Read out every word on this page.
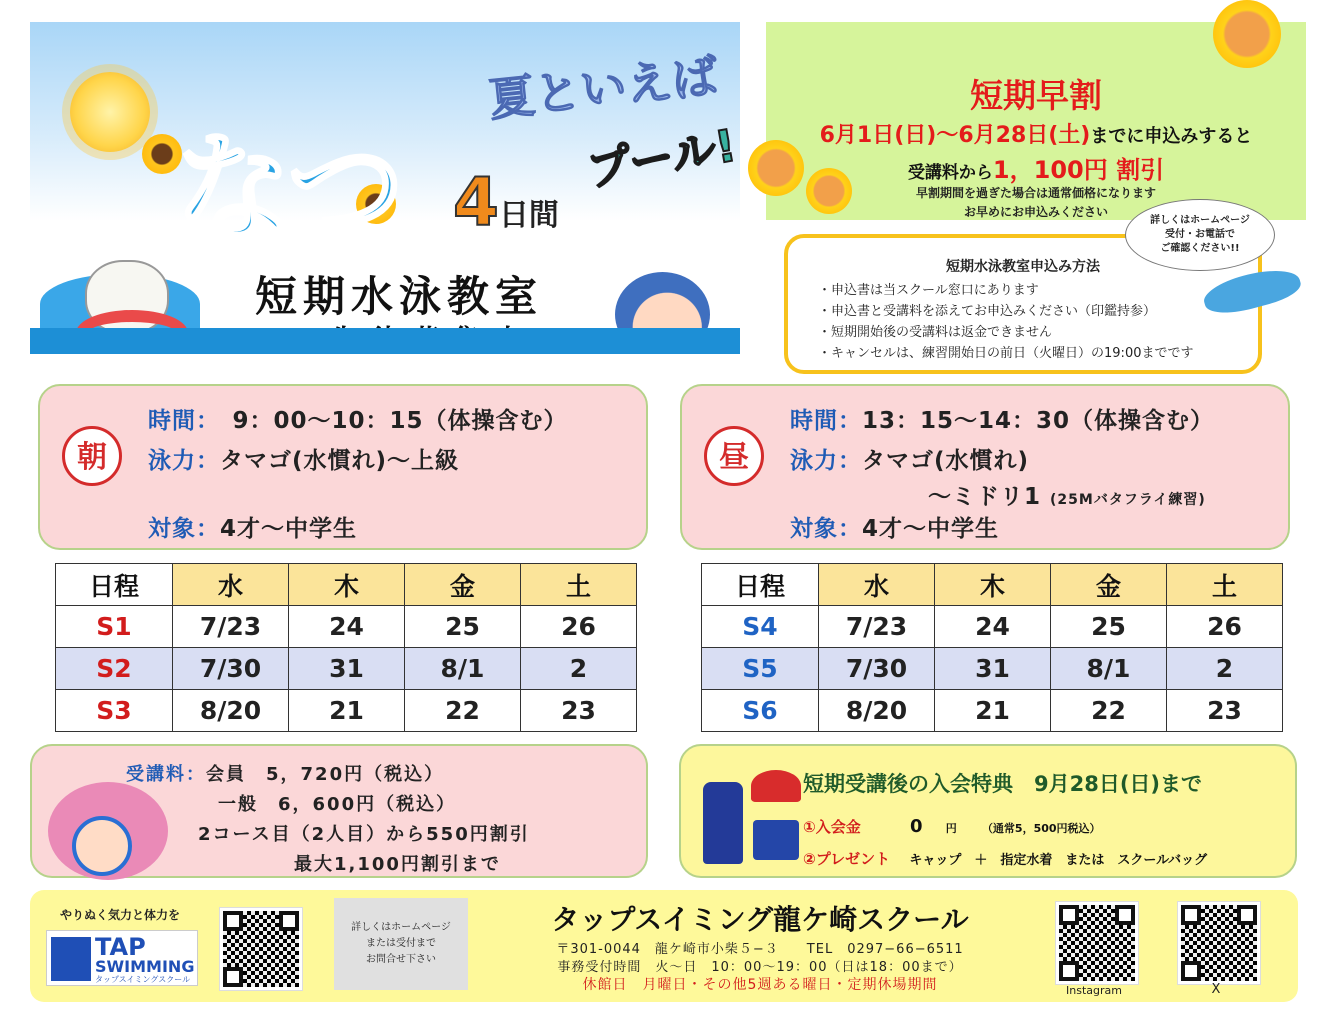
夏といえば
プール!
なつ 4日間
短期水泳教室
短期早割
6月1日(日)～6月28日(土)までに申込みすると
受講料から1，100円 割引
早割期間を過ぎた場合は通常価格になります
お早めにお申込みください
短期水泳教室申込み方法
・ 申込書は当スクール窓口にあります
・ 申込書と受講料を添えてお申込みください（印鑑持参）
・ 短期開始後の受講料は返金できません
・ キャンセルは、練習開始日の前日（火曜日）の19:00までです
詳しくはホームページ
受付・お電話で
ご確認ください!!
朝
時間：　9：00～10：15（体操含む）
泳力：タマゴ(水慣れ)～上級
対象：4才～中学生
昼
時間：13：15～14：30（体操含む）
泳力：タマゴ(水慣れ)
～ミドリ1 (25Mバタフライ練習)
対象：4才～中学生
日程	水	木	金	土
S1	7/23	24	25	26
S2	7/30	31	8/1	2
S3	8/20	21	22	23
日程	水	木	金	土
S4	7/23	24	25	26
S5	7/30	31	8/1	2
S6	8/20	21	22	23
受講料：会員　5，720円（税込）
一般　6，600円（税込）
2コース目（2人目）から550円割引
最大1,100円割引まで
短期受講後の入会特典　9月28日(日)まで
①入会金	0 円 （通常5，500円税込）
②プレゼント キャップ　＋　指定水着　または　スクールバッグ
やりぬく気力と体力を
TAP
SWIMMING
タップスイミングスクール
詳しくはホームページ
または受付まで
お問合せ下さい
タップスイミング龍ケ崎スクール
〒301-0044　龍ケ崎市小柴５−３　　TEL　0297−66−6511
事務受付時間　火～日　10：00～19：00（日は18：00まで）
休館日　月曜日・その他5週ある曜日・定期休場期間	Instagram	X
